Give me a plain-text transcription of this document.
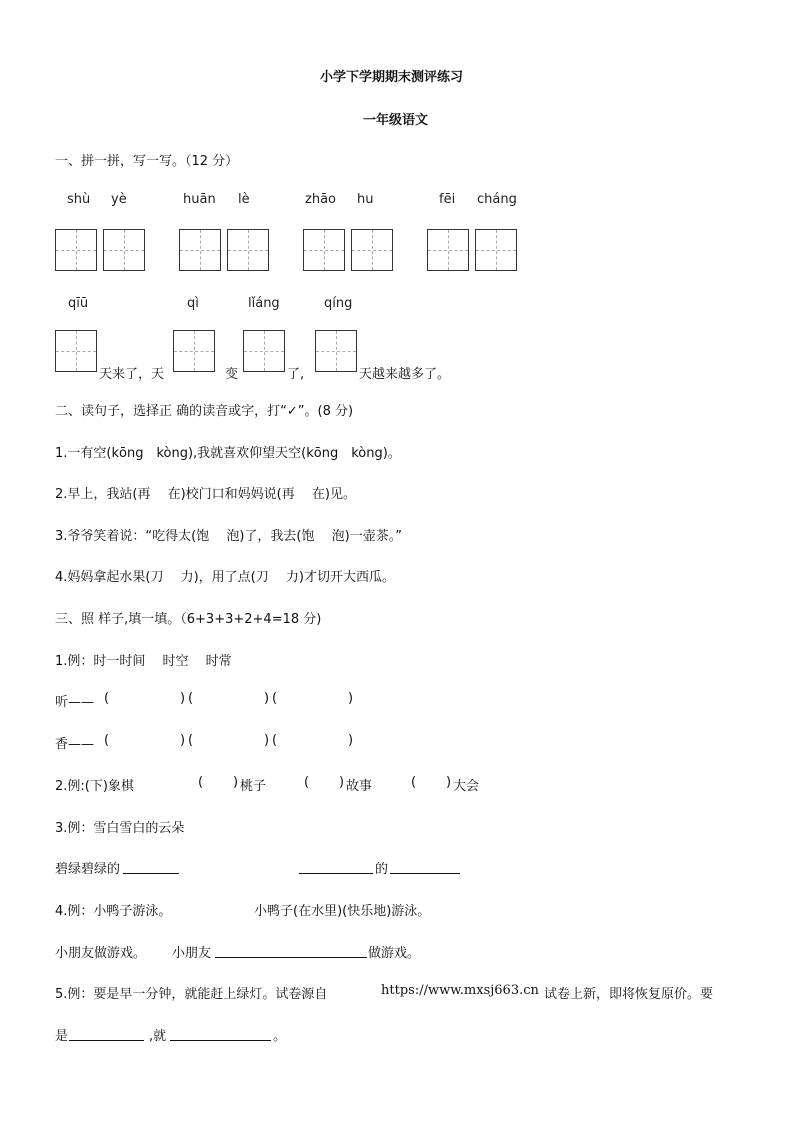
小学下学期期末测评练习
一年级语文
一、拼一拼，写一写。（12 分）
shù yè	huān lè	zhāo hu	fēi cháng
qīū	qì	lǐáng	qíng
天来了，天	变	了,	天越来越多了。
二、读句子，选择正 确的读音或字，打“✓”。(8 分)
1.一有空(kōng　kòng),我就喜欢仰望天空(kōng　kòng)。
2.早上，我站(再　 在)校门口和妈妈说(再　 在)见。
3.爷爷笑着说：“吃得太(饱　 泡)了，我去(饱　 泡)一壶茶。”
4.妈妈拿起水果(刀　 力)，用了点(刀　 力)才切开大西瓜。
三、照 样子,填一填。（6+3+3+2+4=18 分)
1.例：时一时间　 时空　 时常
听—— (	) (	) (	)
香—— (	) (	) (	)
2.例:(下)象棋	( ) 桃子	( ) 故事	( ) 大会
3.例：雪白雪白的云朵
碧绿碧绿的	的
4.例：小鸭子游泳。	小鸭子(在水里)(快乐地)游泳。
小朋友做游戏。 小朋友	做游戏。
5.例：要是早一分钟，就能赶上绿灯。试卷源自	https://www.mxsj663.cn 试卷上新，即将恢复原价。要
是	,就	。
